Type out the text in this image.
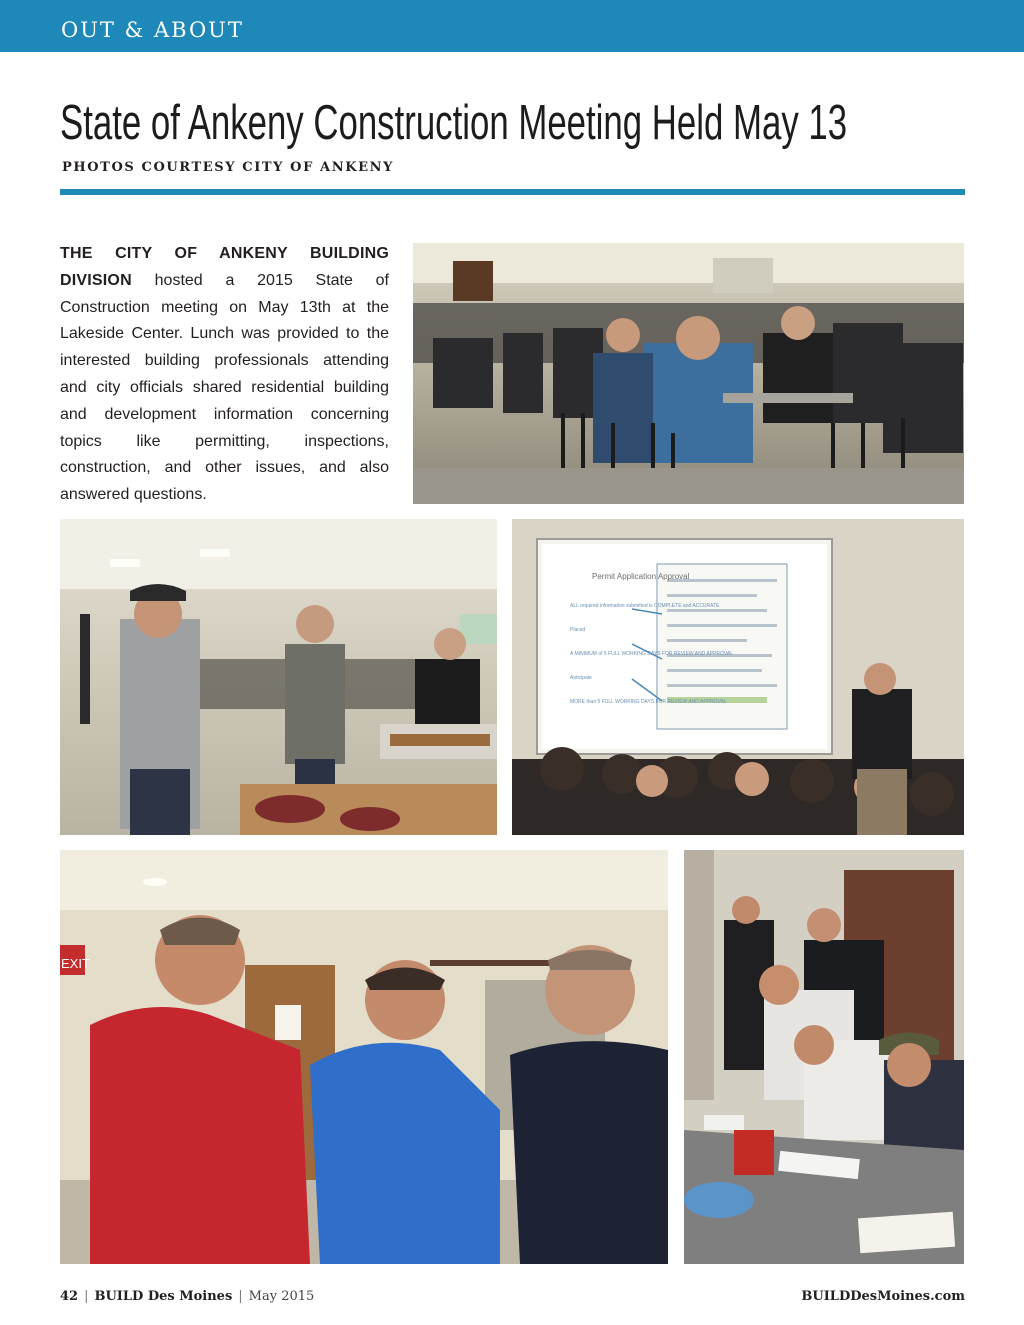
OUT & ABOUT
State of Ankeny Construction Meeting Held May 13
PHOTOS COURTESY CITY OF ANKENY
THE CITY OF ANKENY BUILDING DIVISION hosted a 2015 State of Construction meeting on May 13th at the Lakeside Center. Lunch was provided to the interested building professionals attending and city officials shared residential building and development information concerning topics like permitting, inspections, construction, and other issues, and also answered questions.
Permit Application Approval
ALL required information submitted is COMPLETE and ACCURATE
Placed
A MINIMUM of 5 FULL WORKING DAYS FOR REVIEW AND APPROVAL
Anticipate
MORE than 5 FULL WORKING DAYS FOR REVIEW AND APPROVAL
EXIT
42 | BUILD Des Moines | May 2015	BUILDDesMoines.com
